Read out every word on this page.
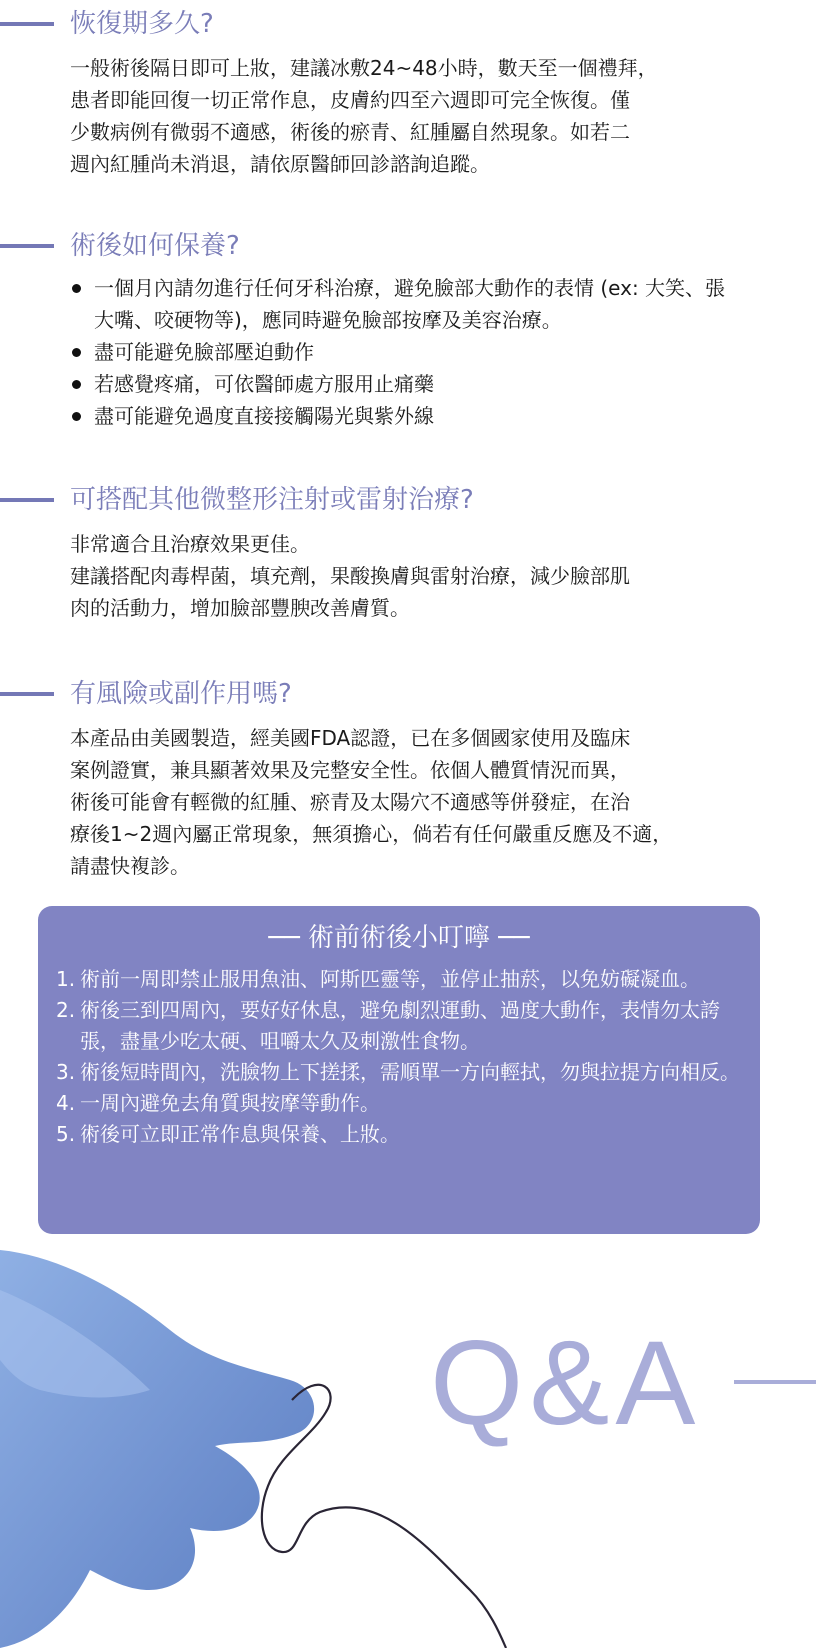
恢復期多久?

一般術後隔日即可上妝，建議冰敷24~48小時，數天至一個禮拜，

患者即能回復一切正常作息，皮膚約四至六週即可完全恢復。僅

少數病例有微弱不適感，術後的瘀青、紅腫屬自然現象。如若二

週內紅腫尚未消退，請依原醫師回診諮詢追蹤。

術後如何保養?
一個月內請勿進行任何牙科治療，避免臉部大動作的表情 (ex: 大笑、張大嘴、咬硬物等)，應同時避免臉部按摩及美容治療。
盡可能避免臉部壓迫動作
若感覺疼痛，可依醫師處方服用止痛藥
盡可能避免過度直接接觸陽光與紫外線
可搭配其他微整形注射或雷射治療?

非常適合且治療效果更佳。

建議搭配肉毒桿菌，填充劑，果酸換膚與雷射治療，減少臉部肌

肉的活動力，增加臉部豐腴改善膚質。

有風險或副作用嗎?

本產品由美國製造，經美國FDA認證，已在多個國家使用及臨床

案例證實，兼具顯著效果及完整安全性。依個人體質情況而異，

術後可能會有輕微的紅腫、瘀青及太陽穴不適感等併發症，在治

療後1~2週內屬正常現象，無須擔心，倘若有任何嚴重反應及不適，

請盡快複診。

── 術前術後小叮嚀 ──
1. 術前一周即禁止服用魚油、阿斯匹靈等，並停止抽菸，以免妨礙凝血。
2. 術後三到四周內，要好好休息，避免劇烈運動、過度大動作，表情勿太誇張，盡量少吃太硬、咀嚼太久及刺激性食物。
3. 術後短時間內，洗臉物上下搓揉，需順單一方向輕拭，勿與拉提方向相反。
4. 一周內避免去角質與按摩等動作。
5. 術後可立即正常作息與保養、上妝。
Q&A
